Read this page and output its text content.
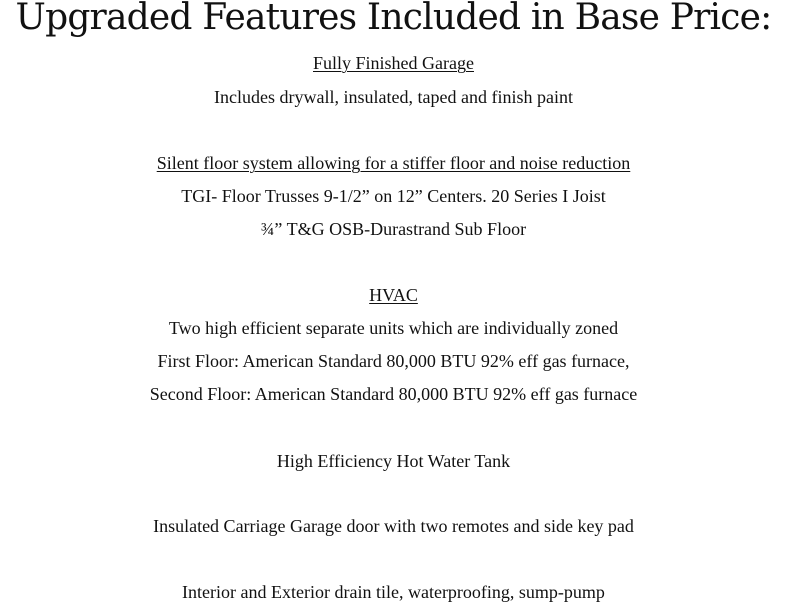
Upgraded Features Included in Base Price:
Fully Finished Garage
Includes drywall, insulated, taped and finish paint
Silent floor system allowing for a stiffer floor and noise reduction
TGI- Floor Trusses 9-1/2” on 12” Centers. 20 Series I Joist
¾” T&G OSB-Durastrand Sub Floor
HVAC
Two high efficient separate units which are individually zoned
First Floor: American Standard 80,000 BTU 92% eff gas furnace,
Second Floor: American Standard 80,000 BTU 92% eff gas furnace
High Efficiency Hot Water Tank
Insulated Carriage Garage door with two remotes and side key pad
Interior and Exterior drain tile, waterproofing, sump-pump
